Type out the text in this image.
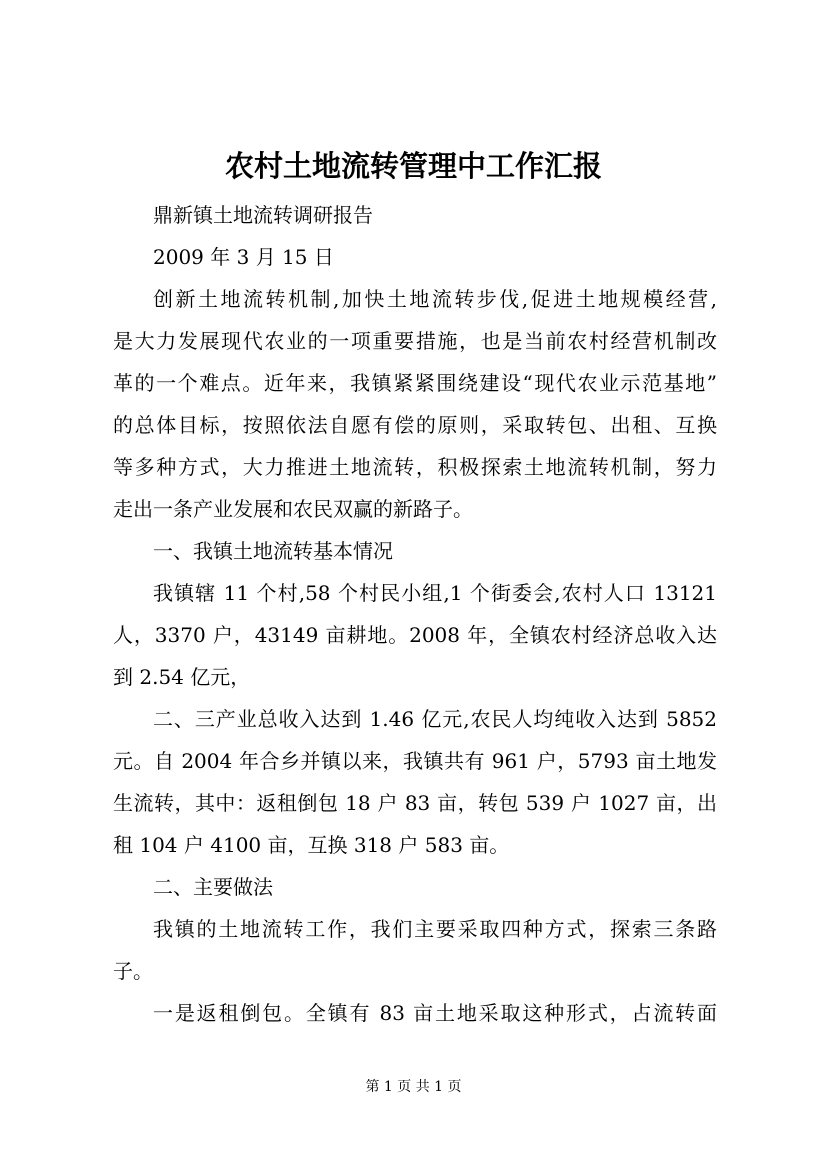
农村土地流转管理中工作汇报
鼎新镇土地流转调研报告
2009 年 3 月 15 日
创新土地流转机制,加快土地流转步伐,促进土地规模经营,
是大力发展现代农业的一项重要措施，也是当前农村经营机制改
革的一个难点。近年来，我镇紧紧围绕建设“现代农业示范基地”
的总体目标，按照依法自愿有偿的原则，采取转包、出租、互换
等多种方式，大力推进土地流转，积极探索土地流转机制，努力
走出一条产业发展和农民双赢的新路子。
一、我镇土地流转基本情况
我镇辖 11 个村,58 个村民小组,1 个街委会,农村人口 13121
人，3370 户，43149 亩耕地。2008 年，全镇农村经济总收入达
到 2.54 亿元，
二、三产业总收入达到 1.46 亿元,农民人均纯收入达到 5852
元。自 2004 年合乡并镇以来，我镇共有 961 户，5793 亩土地发
生流转，其中：返租倒包 18 户 83 亩，转包 539 户 1027 亩，出
租 104 户 4100 亩，互换 318 户 583 亩。
二、主要做法
我镇的土地流转工作，我们主要采取四种方式，探索三条路
子。
一是返租倒包。全镇有 83 亩土地采取这种形式，占流转面
第 1 页 共 1 页
